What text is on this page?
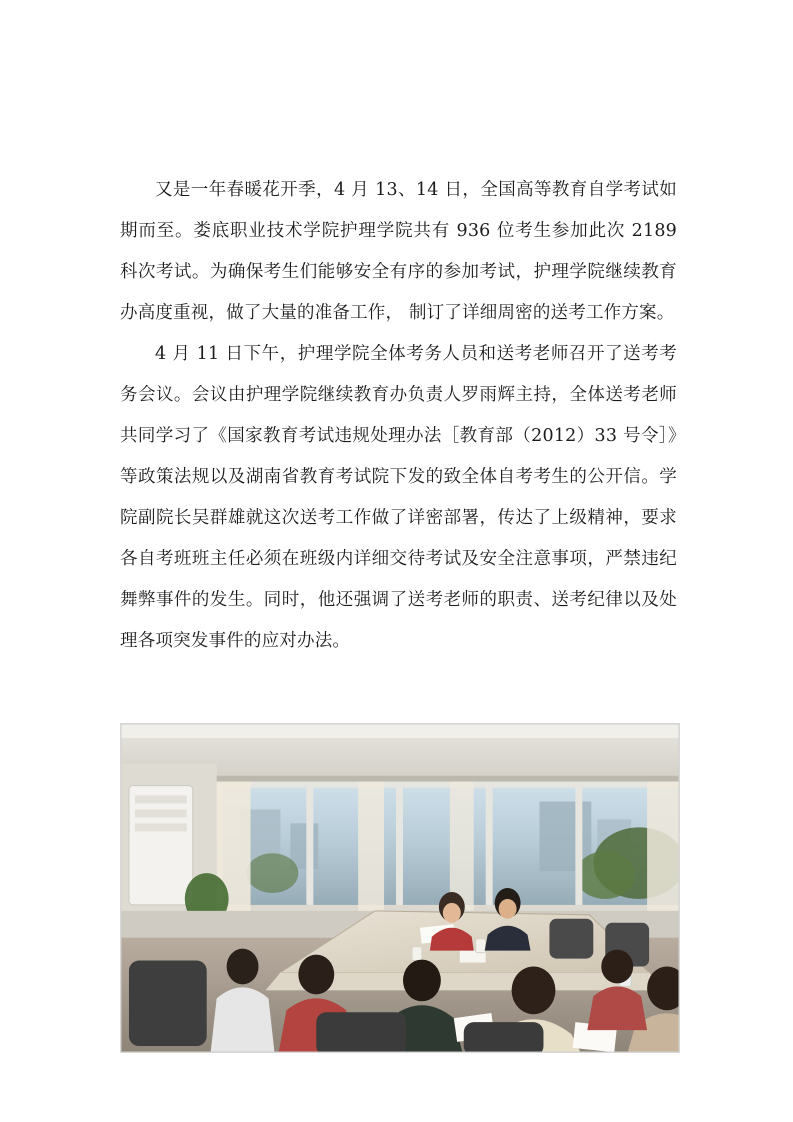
又是一年春暖花开季，4 月 13、14 日，全国高等教育自学考试如期而至。娄底职业技术学院护理学院共有 936 位考生参加此次 2189 科次考试。为确保考生们能够安全有序的参加考试，护理学院继续教育办高度重视，做了大量的准备工作， 制订了详细周密的送考工作方案。

4 月 11 日下午，护理学院全体考务人员和送考老师召开了送考考务会议。会议由护理学院继续教育办负责人罗雨辉主持，全体送考老师共同学习了《国家教育考试违规处理办法［教育部（2012）33 号令］》等政策法规以及湖南省教育考试院下发的致全体自考考生的公开信。学院副院长吴群雄就这次送考工作做了详密部署，传达了上级精神，要求各自考班班主任必须在班级内详细交待考试及安全注意事项，严禁违纪舞弊事件的发生。同时，他还强调了送考老师的职责、送考纪律以及处理各项突发事件的应对办法。
